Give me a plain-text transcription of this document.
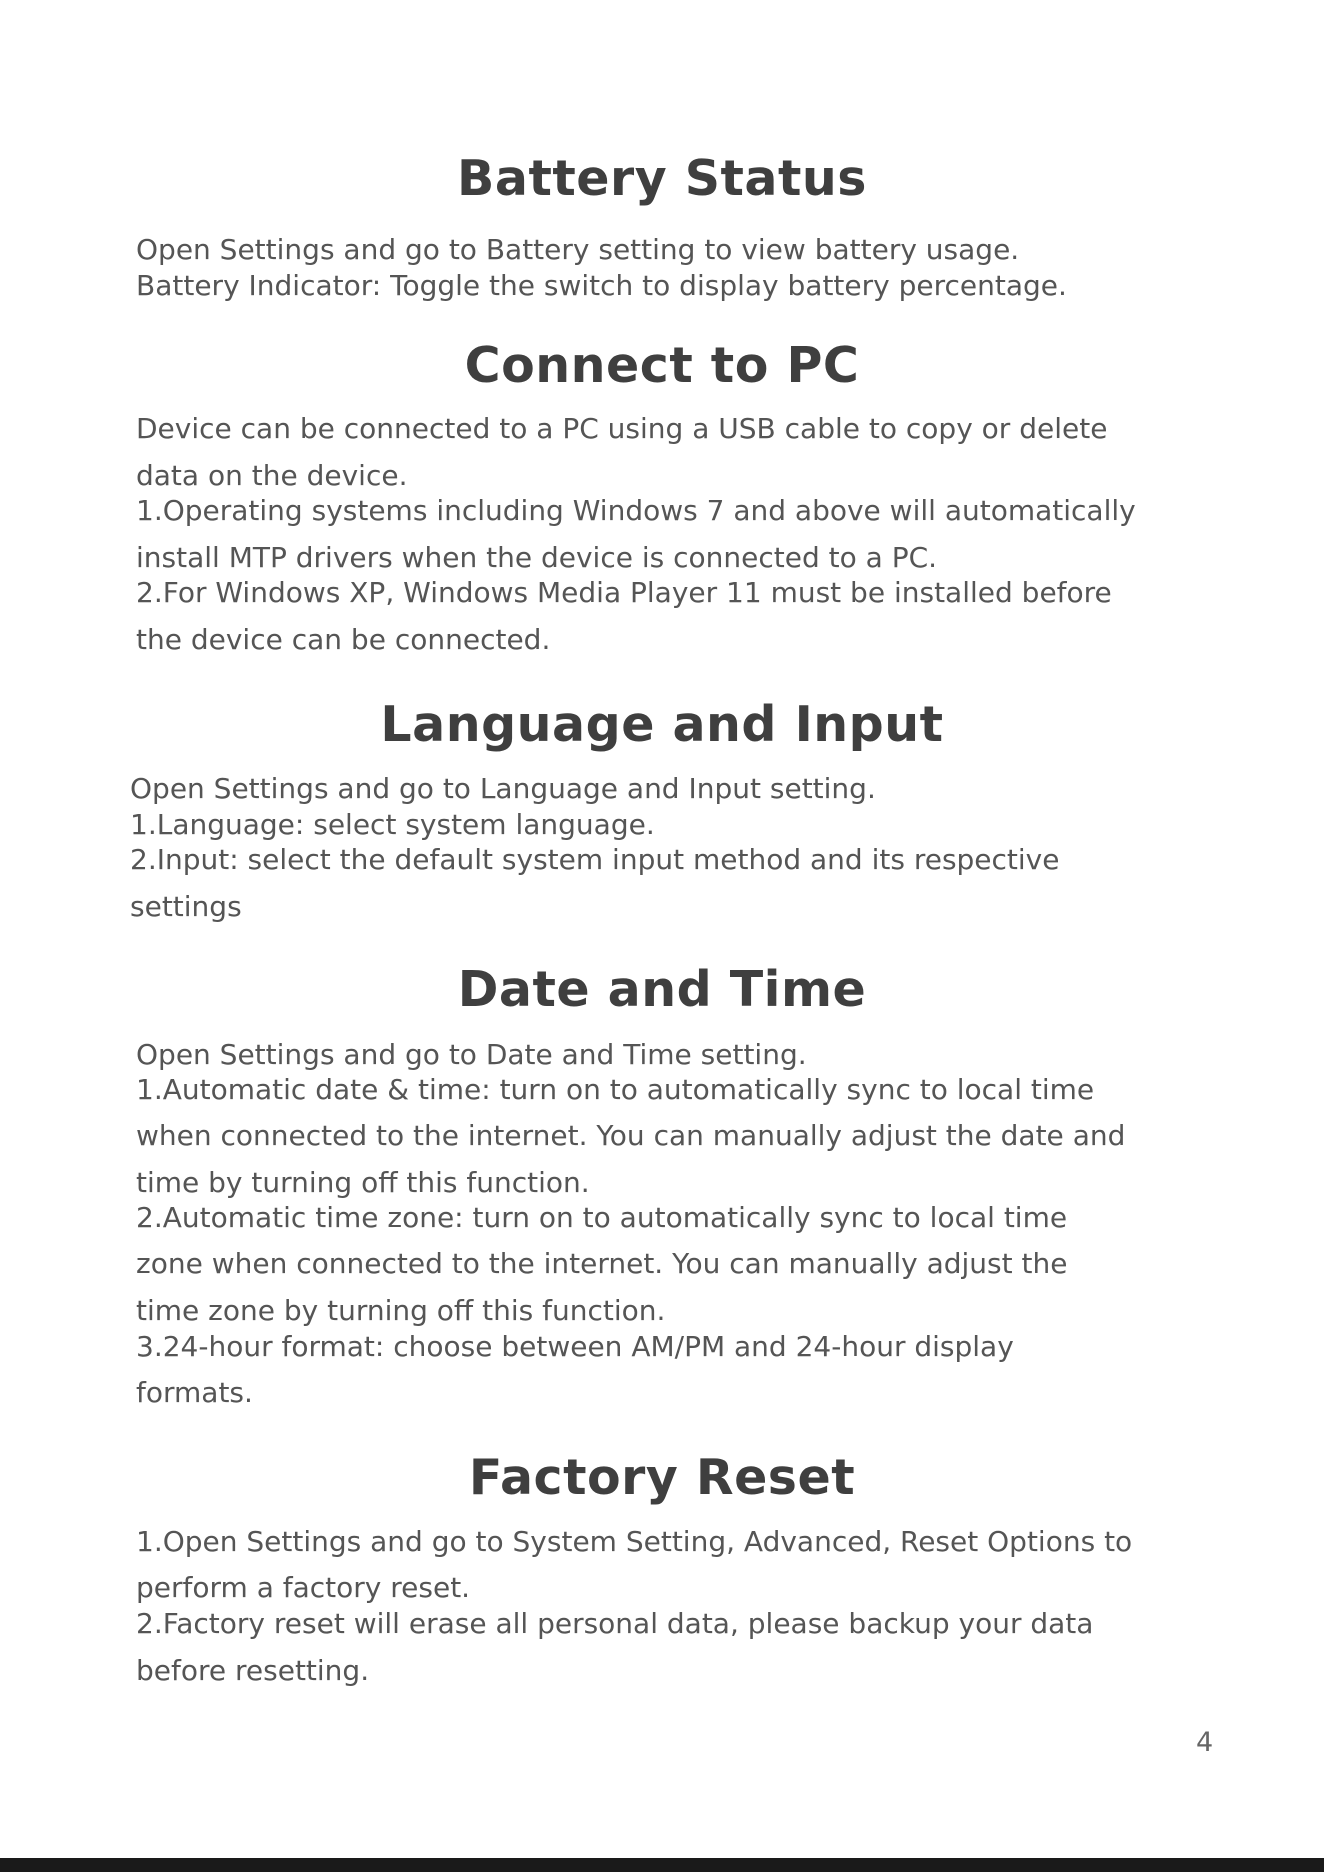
Battery Status

Open Settings and go to Battery setting to view battery usage.

Battery Indicator: Toggle the switch to display battery percentage.

Connect to PC

Device can be connected to a PC using a USB cable to copy or delete

data on the device.

1.Operating systems including Windows 7 and above will automatically

install MTP drivers when the device is connected to a PC.

2.For Windows XP, Windows Media Player 11 must be installed before

the device can be connected.

Language and Input

Open Settings and go to Language and Input setting.

1.Language: select system language.

2.Input: select the default system input method and its respective

settings

Date and Time

Open Settings and go to Date and Time setting.

1.Automatic date & time: turn on to automatically sync to local time

when connected to the internet. You can manually adjust the date and

time by turning off this function.

2.Automatic time zone: turn on to automatically sync to local time

zone when connected to the internet. You can manually adjust the

time zone by turning off this function.

3.24-hour format: choose between AM/PM and 24-hour display

formats.

Factory Reset

1.Open Settings and go to System Setting, Advanced, Reset Options to

perform a factory reset.

2.Factory reset will erase all personal data, please backup your data

before resetting.

4
